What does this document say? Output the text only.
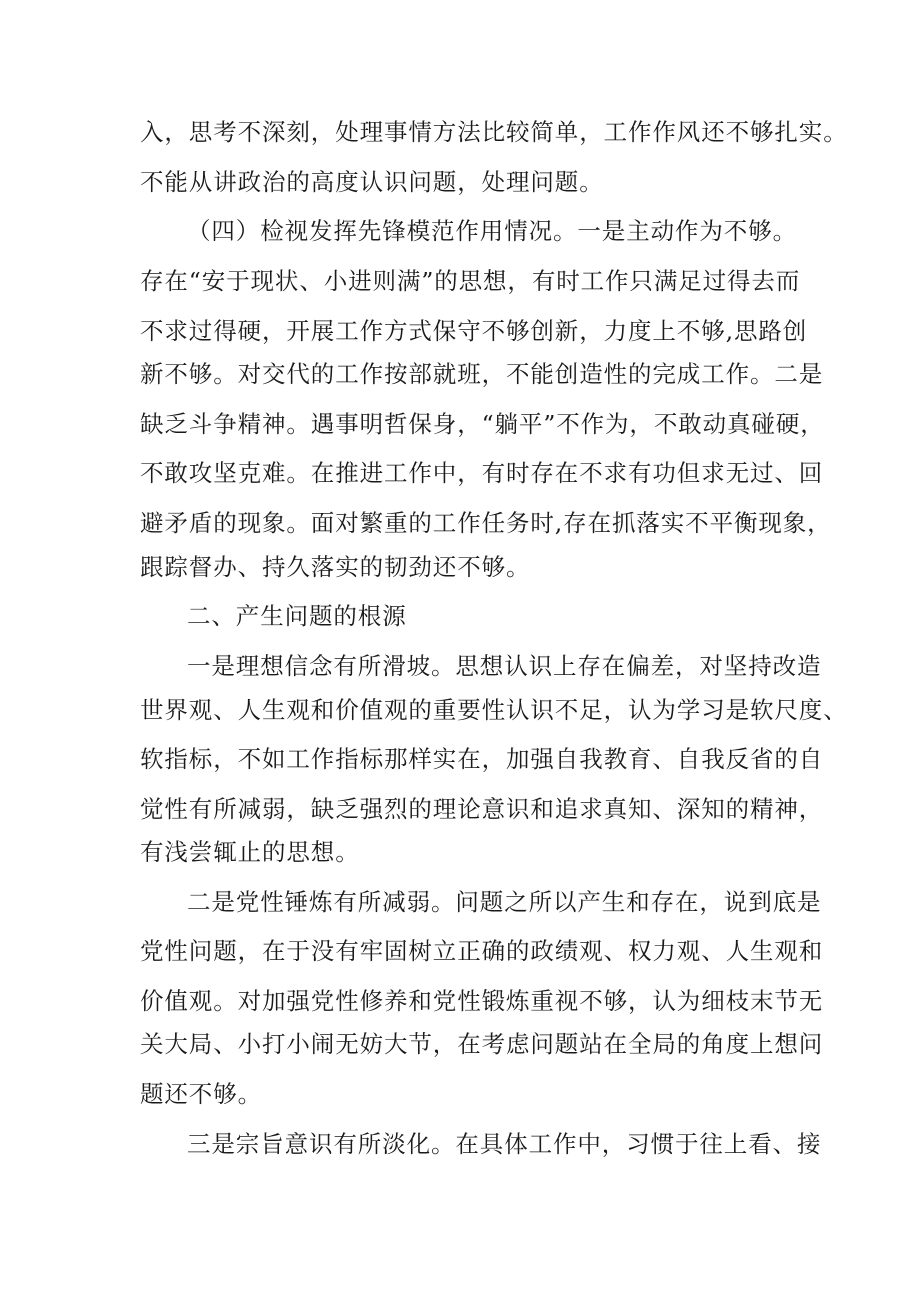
入，思考不深刻，处理事情方法比较简单，工作作风还不够扎实。
不能从讲政治的高度认识问题，处理问题。
（四）检视发挥先锋模范作用情况。一是主动作为不够。
存在“安于现状、小进则满”的思想，有时工作只满足过得去而
不求过得硬，开展工作方式保守不够创新，力度上不够,思路创
新不够。对交代的工作按部就班，不能创造性的完成工作。二是
缺乏斗争精神。遇事明哲保身，“躺平”不作为，不敢动真碰硬，
不敢攻坚克难。在推进工作中，有时存在不求有功但求无过、回
避矛盾的现象。面对繁重的工作任务时,存在抓落实不平衡现象，
跟踪督办、持久落实的韧劲还不够。
二、产生问题的根源
一是理想信念有所滑坡。思想认识上存在偏差，对坚持改造
世界观、人生观和价值观的重要性认识不足，认为学习是软尺度、
软指标，不如工作指标那样实在，加强自我教育、自我反省的自
觉性有所减弱，缺乏强烈的理论意识和追求真知、深知的精神，
有浅尝辄止的思想。
二是党性锤炼有所减弱。问题之所以产生和存在，说到底是
党性问题，在于没有牢固树立正确的政绩观、权力观、人生观和
价值观。对加强党性修养和党性锻炼重视不够，认为细枝末节无
关大局、小打小闹无妨大节，在考虑问题站在全局的角度上想问
题还不够。
三是宗旨意识有所淡化。在具体工作中，习惯于往上看、接
